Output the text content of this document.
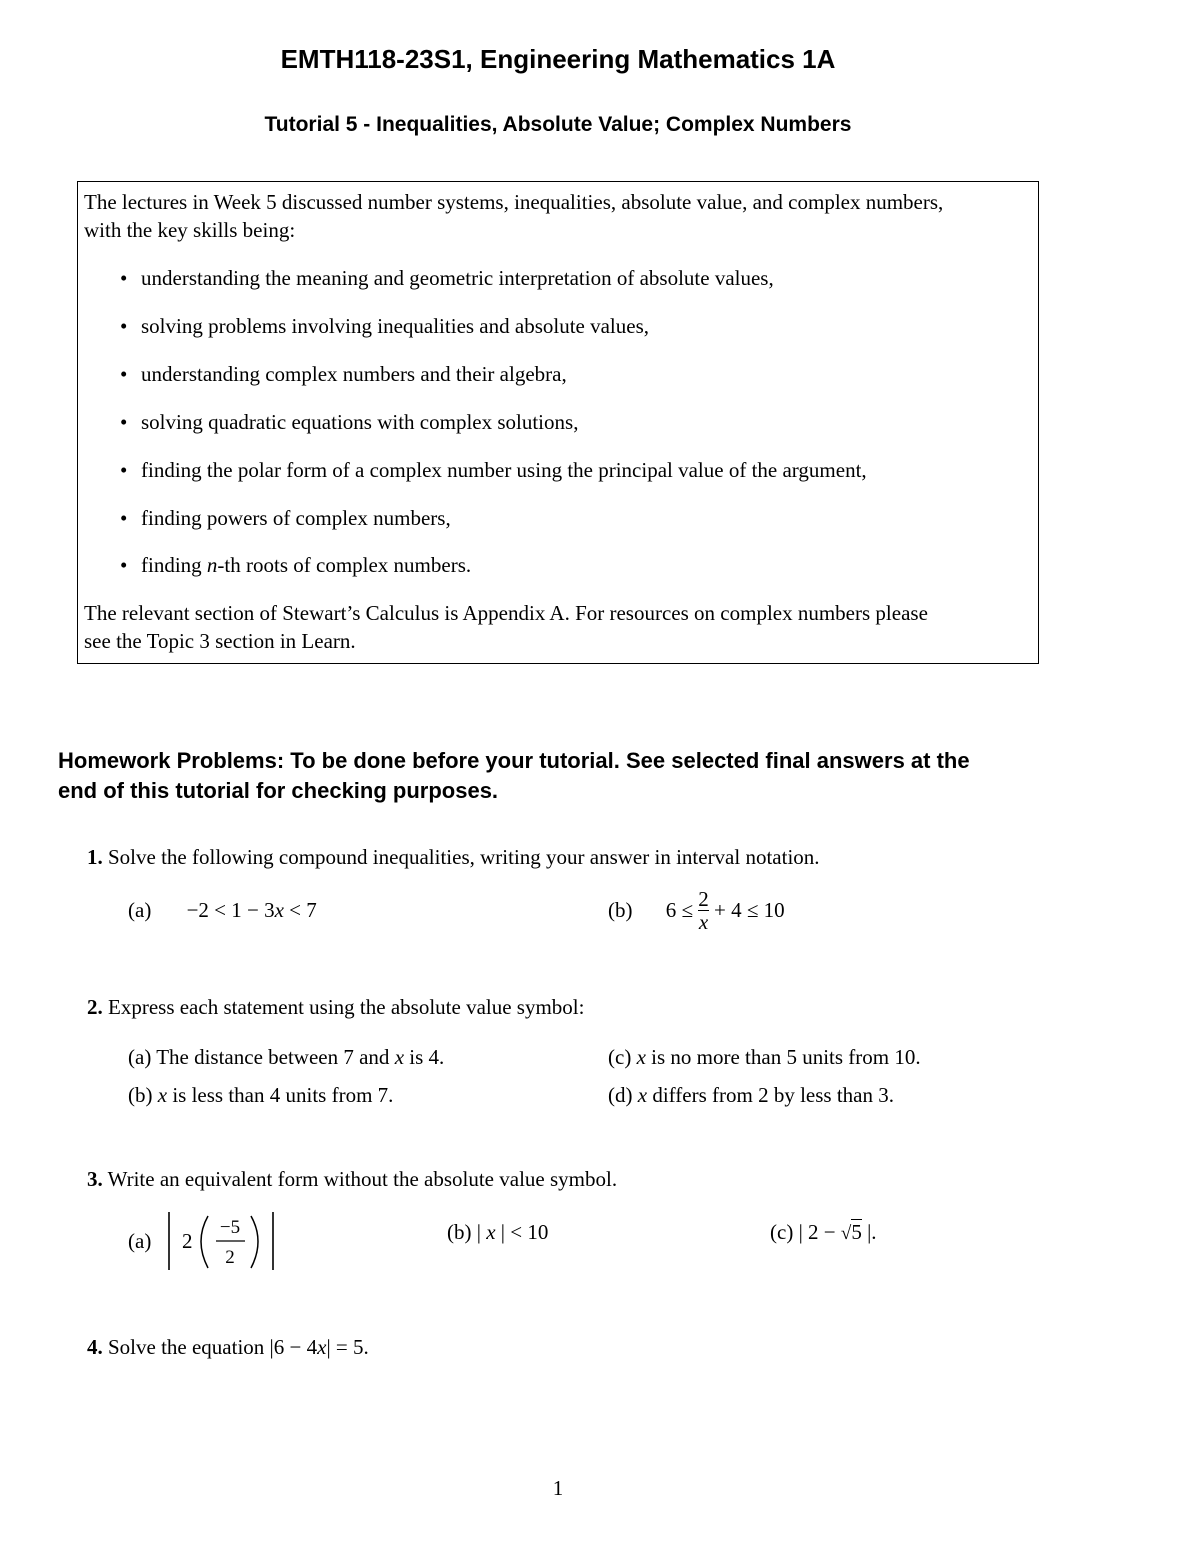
EMTH118-23S1, Engineering Mathematics 1A
Tutorial 5 - Inequalities, Absolute Value; Complex Numbers
The lectures in Week 5 discussed number systems, inequalities, absolute value, and complex numbers,
with the key skills being:
• understanding the meaning and geometric interpretation of absolute values,
• solving problems involving inequalities and absolute values,
• understanding complex numbers and their algebra,
• solving quadratic equations with complex solutions,
• finding the polar form of a complex number using the principal value of the argument,
• finding powers of complex numbers,
• finding n-th roots of complex numbers.
The relevant section of Stewart’s Calculus is Appendix A. For resources on complex numbers please
see the Topic 3 section in Learn.
Homework Problems: To be done before your tutorial. See selected final answers at the
end of this tutorial for checking purposes.
1. Solve the following compound inequalities, writing your answer in interval notation.
(a) −2 < 1 − 3x < 7	(b) $6 \le \frac{2}{x} + 4 \le 10$
2. Express each statement using the absolute value symbol:
(a) The distance between 7 and x is 4.
(b) x is less than 4 units from 7.
(c) x is no more than 5 units from 10.
(d) x differs from 2 by less than 3.
3. Write an equivalent form without the absolute value symbol.
(a) 2
−5
2
(b) | x | < 10	(c) | 2 − √5 |.
4. Solve the equation |6 − 4x| = 5.
1
